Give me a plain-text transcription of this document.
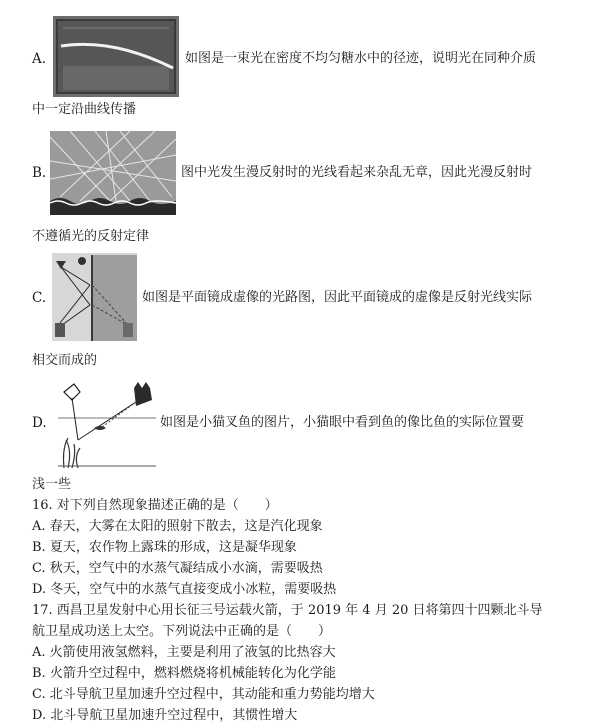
A.	如图是一束光在密度不均匀糖水中的径迹，说明光在同种介质
中一定沿曲线传播
B.	图中光发生漫反射时的光线看起来杂乱无章，因此光漫反射时
不遵循光的反射定律
C.	如图是平面镜成虚像的光路图，因此平面镜成的虚像是反射光线实际
相交而成的
D.	如图是小猫叉鱼的图片，小猫眼中看到鱼的像比鱼的实际位置要
浅一些
16. 对下列自然现象描述正确的是（　　）
A. 春天，大雾在太阳的照射下散去，这是汽化现象
B. 夏天，农作物上露珠的形成，这是凝华现象
C. 秋天，空气中的水蒸气凝结成小水滴，需要吸热
D. 冬天，空气中的水蒸气直接变成小冰粒，需要吸热
17. 西昌卫星发射中心用长征三号运载火箭，于 2019 年 4 月 20 日将第四十四颗北斗导
航卫星成功送上太空。下列说法中正确的是（　　）
A. 火箭使用液氢燃料，主要是利用了液氢的比热容大
B. 火箭升空过程中，燃料燃烧将机械能转化为化学能
C. 北斗导航卫星加速升空过程中，其动能和重力势能均增大
D. 北斗导航卫星加速升空过程中，其惯性增大
